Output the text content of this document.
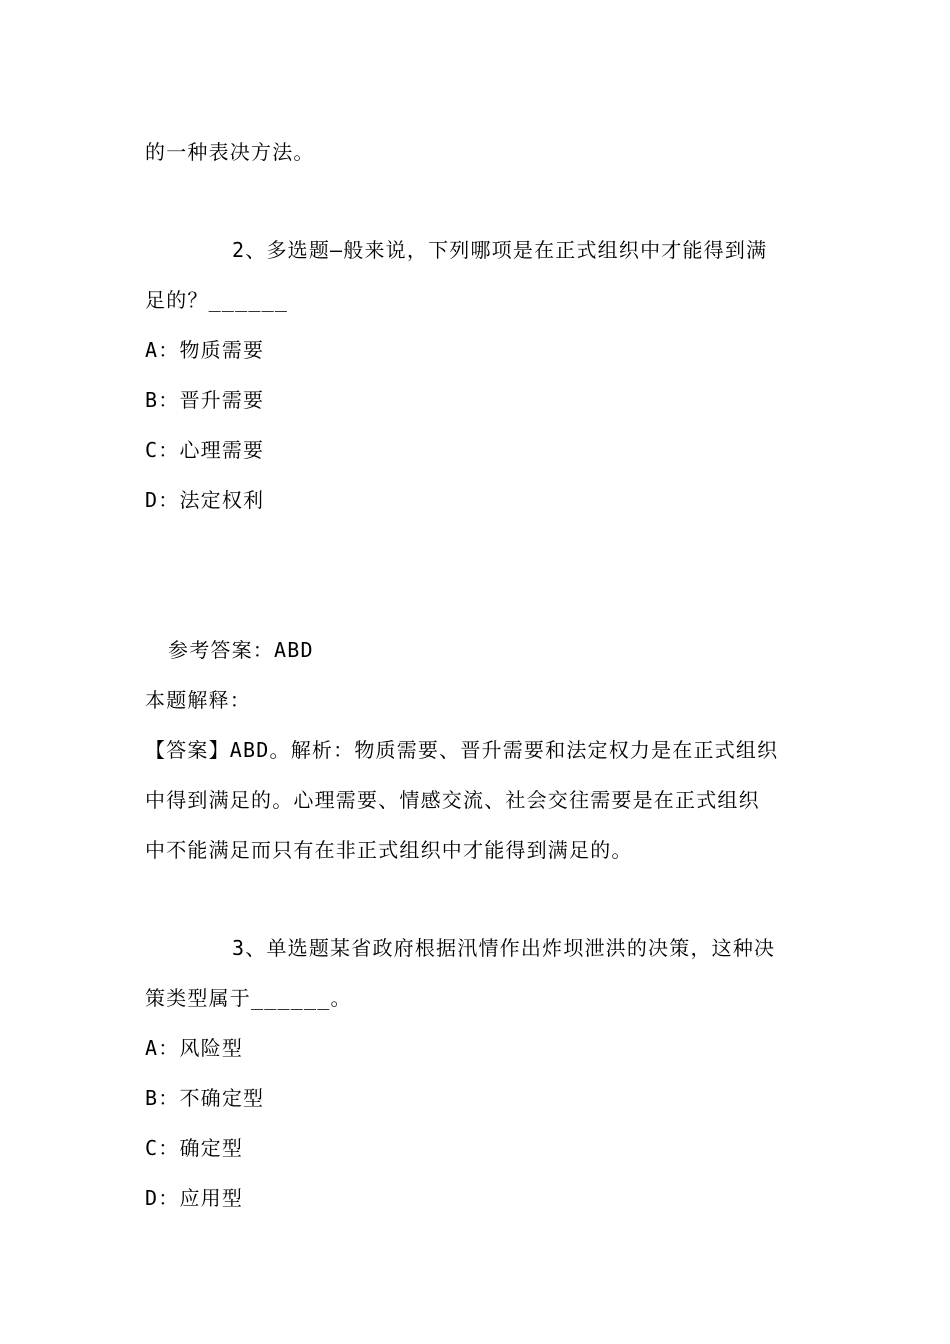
的一种表决方法。
2、多选题—般来说，下列哪项是在正式组织中才能得到满
足的？______
A：物质需要
B：晋升需要
C：心理需要
D：法定权利
参考答案：ABD
本题解释：
【答案】ABD。解析：物质需要、晋升需要和法定权力是在正式组织
中得到满足的。心理需要、情感交流、社会交往需要是在正式组织
中不能满足而只有在非正式组织中才能得到满足的。
3、单选题某省政府根据汛情作出炸坝泄洪的决策，这种决
策类型属于______。
A：风险型
B：不确定型
C：确定型
D：应用型
